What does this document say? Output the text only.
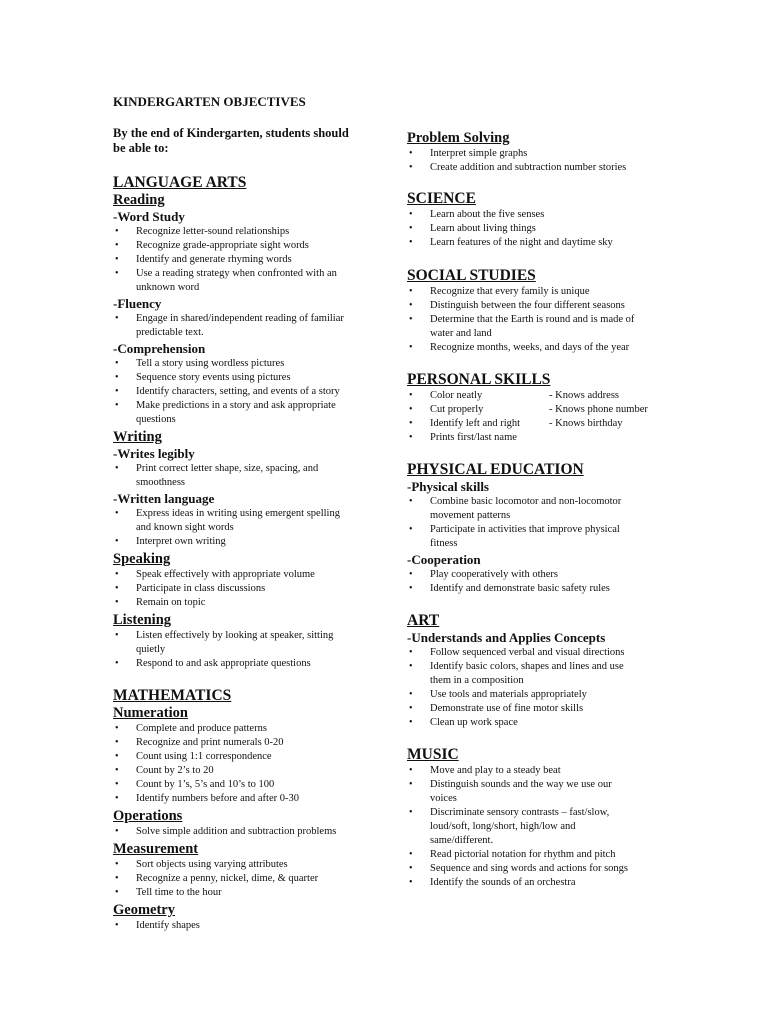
KINDERGARTEN OBJECTIVES
By the end of Kindergarten, students should
be able to:
LANGUAGE ARTS
Reading
-Word Study
• Recognize letter-sound relationships
• Recognize grade-appropriate sight words
• Identify and generate rhyming words
• Use a reading strategy when confronted with an
unknown word
-Fluency
• Engage in shared/independent reading of familiar
predictable text.
-Comprehension
• Tell a story using wordless pictures
• Sequence story events using pictures
• Identify characters, setting, and events of a story
• Make predictions in a story and ask appropriate
questions
Writing
-Writes legibly
• Print correct letter shape, size, spacing, and
smoothness
-Written language
• Express ideas in writing using emergent spelling
and known sight words
• Interpret own writing
Speaking
• Speak effectively with appropriate volume
• Participate in class discussions
• Remain on topic
Listening
• Listen effectively by looking at speaker, sitting
quietly
• Respond to and ask appropriate questions
MATHEMATICS
Numeration
• Complete and produce patterns
• Recognize and print numerals 0-20
• Count using 1:1 correspondence
• Count by 2’s to 20
• Count by 1’s, 5’s and 10’s to 100
• Identify numbers before and after 0-30
Operations
• Solve simple addition and subtraction problems
Measurement
• Sort objects using varying attributes
• Recognize a penny, nickel, dime, & quarter
• Tell time to the hour
Geometry
• Identify shapes
Problem Solving
• Interpret simple graphs
• Create addition and subtraction number stories
SCIENCE
• Learn about the five senses
• Learn about living things
• Learn features of the night and daytime sky
SOCIAL STUDIES
• Recognize that every family is unique
• Distinguish between the four different seasons
• Determine that the Earth is round and is made of
water and land
• Recognize months, weeks, and days of the year
PERSONAL SKILLS
• Color neatly	- Knows address
• Cut properly	- Knows phone number
• Identify left and right	- Knows birthday
• Prints first/last name
PHYSICAL EDUCATION
-Physical skills
• Combine basic locomotor and non-locomotor
movement patterns
• Participate in activities that improve physical
fitness
-Cooperation
• Play cooperatively with others
• Identify and demonstrate basic safety rules
ART
-Understands and Applies Concepts
• Follow sequenced verbal and visual directions
• Identify basic colors, shapes and lines and use
them in a composition
• Use tools and materials appropriately
• Demonstrate use of fine motor skills
• Clean up work space
MUSIC
• Move and play to a steady beat
• Distinguish sounds and the way we use our
voices
• Discriminate sensory contrasts – fast/slow,
loud/soft, long/short, high/low and
same/different.
• Read pictorial notation for rhythm and pitch
• Sequence and sing words and actions for songs
• Identify the sounds of an orchestra
